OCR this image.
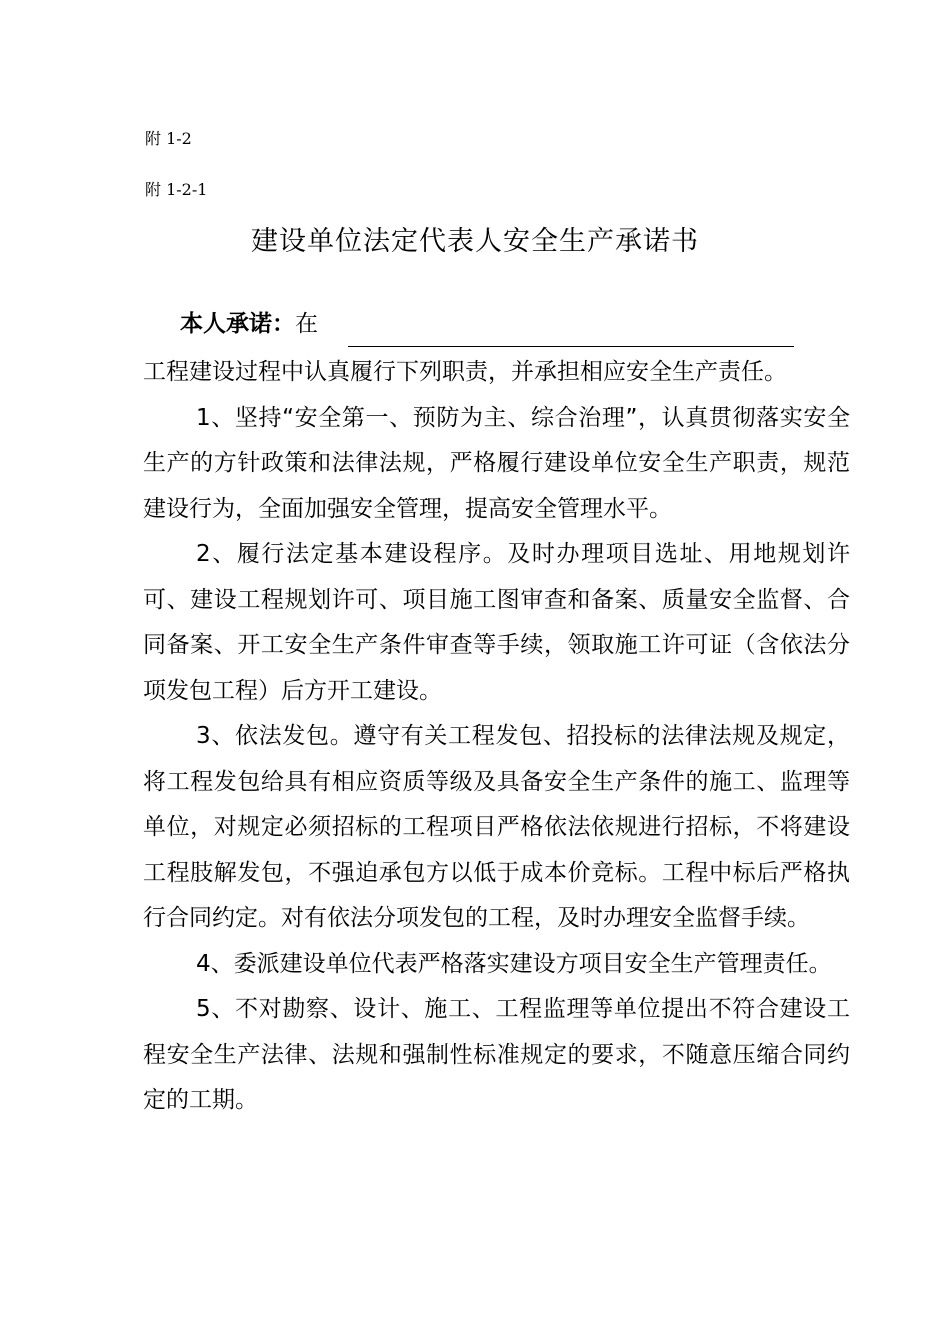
附 1-2
附 1-2-1
建设单位法定代表人安全生产承诺书
本人承诺：在

工程建设过程中认真履行下列职责，并承担相应安全生产责任。

1、坚持“安全第一、预防为主、综合治理”，认真贯彻落实安全生产的方针政策和法律法规，严格履行建设单位安全生产职责，规范建设行为，全面加强安全管理，提高安全管理水平。

2、履行法定基本建设程序。及时办理项目选址、用地规划许可、建设工程规划许可、项目施工图审查和备案、质量安全监督、合同备案、开工安全生产条件审查等手续，领取施工许可证（含依法分项发包工程）后方开工建设。

3、依法发包。遵守有关工程发包、招投标的法律法规及规定，将工程发包给具有相应资质等级及具备安全生产条件的施工、监理等单位，对规定必须招标的工程项目严格依法依规进行招标，不将建设工程肢解发包，不强迫承包方以低于成本价竞标。工程中标后严格执行合同约定。对有依法分项发包的工程，及时办理安全监督手续。

4、委派建设单位代表严格落实建设方项目安全生产管理责任。

5、不对勘察、设计、施工、工程监理等单位提出不符合建设工程安全生产法律、法规和强制性标准规定的要求，不随意压缩合同约定的工期。
